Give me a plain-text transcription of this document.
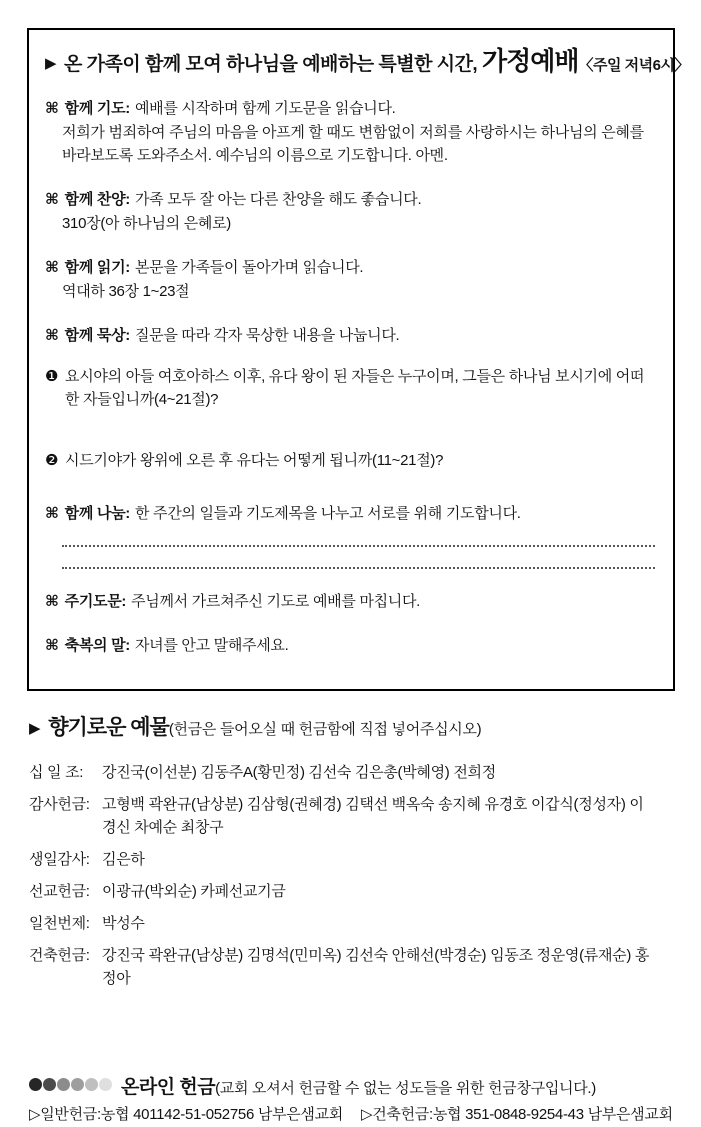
▶ 온 가족이 함께 모여 하나님을 예배하는 특별한 시간, 가정예배〈주일 저녁6시〉
⌘ 함께 기도: 예배를 시작하며 함께 기도문을 읽습니다.
저희가 범죄하여 주님의 마음을 아프게 할 때도 변함없이 저희를 사랑하시는 하나님의 은혜를 바라보도록 도와주소서. 예수님의 이름으로 기도합니다. 아멘.
⌘ 함께 찬양: 가족 모두 잘 아는 다른 찬양을 해도 좋습니다.
310장(아 하나님의 은혜로)
⌘ 함께 읽기: 본문을 가족들이 돌아가며 읽습니다.
역대하 36장 1~23절
⌘ 함께 묵상: 질문을 따라 각자 묵상한 내용을 나눕니다.
❶ 요시야의 아들 여호아하스 이후, 유다 왕이 된 자들은 누구이며, 그들은 하나님 보시기에 어떠한 자들입니까(4~21절)?
❷ 시드기야가 왕위에 오른 후 유다는 어떻게 됩니까(11~21절)?
⌘ 함께 나눔: 한 주간의 일들과 기도제목을 나누고 서로를 위해 기도합니다.
⌘ 주기도문: 주님께서 가르쳐주신 기도로 예배를 마칩니다.
⌘ 축복의 말: 자녀를 안고 말해주세요.
▶ 향기로운 예물(헌금은 들어오실 때 헌금함에 직접 넣어주십시오)
십 일 조:	강진국(이선분) 김동주A(황민정) 김선숙 김은총(박혜영) 전희정
감사헌금: 고형백 곽완규(남상분) 김삼형(권혜경) 김택선 백옥숙 송지혜 유경호 이갑식(정성자) 이경신 차예순 최창구
생일감사: 김은하
선교헌금: 이광규(박외순) 카페선교기금
일천번제: 박성수
건축헌금: 강진국 곽완규(남상분) 김명석(민미옥) 김선숙 안해선(박경순) 임동조 정운영(류재순) 홍정아
온라인 헌금(교회 오셔서 헌금할 수 없는 성도들을 위한 헌금창구입니다.)
▷일반헌금:농협 401142-51-052756 남부은샘교회 ▷건축헌금:농협 351-0848-9254-43 남부은샘교회
